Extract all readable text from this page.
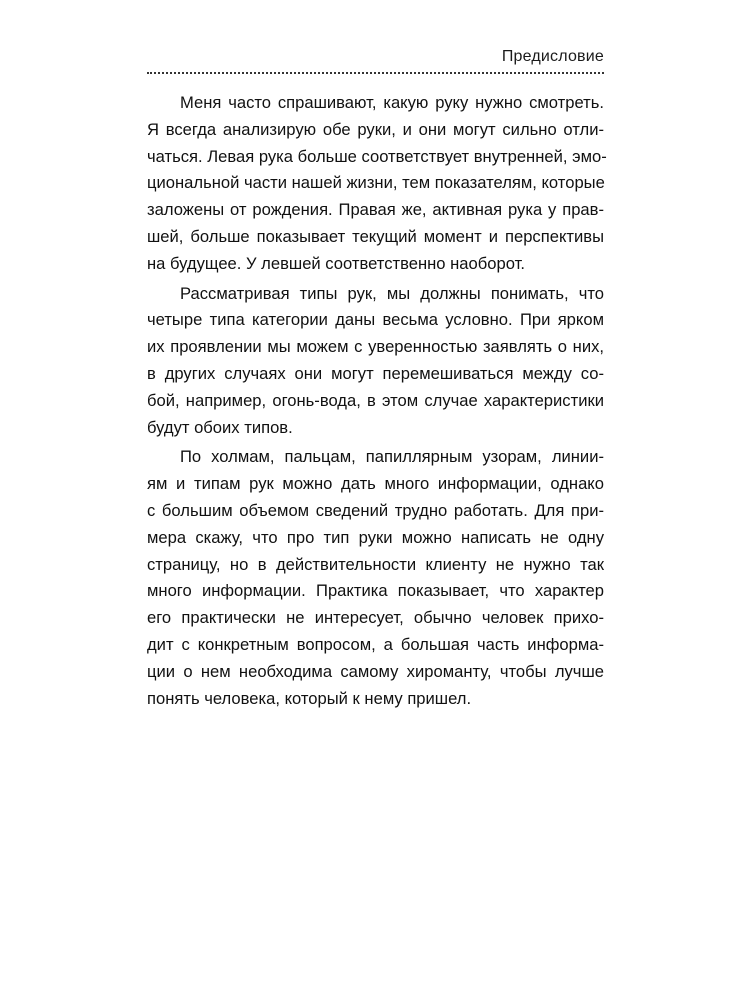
Предисловие

Меня часто спрашивают, какую руку нужно смотреть.
Я всегда анализирую обе руки, и они могут сильно отли-
чаться. Левая рука больше соответствует внутренней, эмо-
циональной части нашей жизни, тем показателям, которые
заложены от рождения. Правая же, активная рука у прав-
шей, больше показывает текущий момент и перспективы
на будущее. У левшей соответственно наоборот.

Рассматривая типы рук, мы должны понимать, что
четыре типа категории даны весьма условно. При ярком
их проявлении мы можем с уверенностью заявлять о них,
в других случаях они могут перемешиваться между со-
бой, например, огонь-вода, в этом случае характеристики
будут обоих типов.

По холмам, пальцам, папиллярным узорам, линии-
ям и типам рук можно дать много информации, однако
с большим объемом сведений трудно работать. Для при-
мера скажу, что про тип руки можно написать не одну
страницу, но в действительности клиенту не нужно так
много информации. Практика показывает, что характер
его практически не интересует, обычно человек прихо-
дит с конкретным вопросом, а большая часть информа-
ции о нем необходима самому хироманту, чтобы лучше
понять человека, который к нему пришел.
